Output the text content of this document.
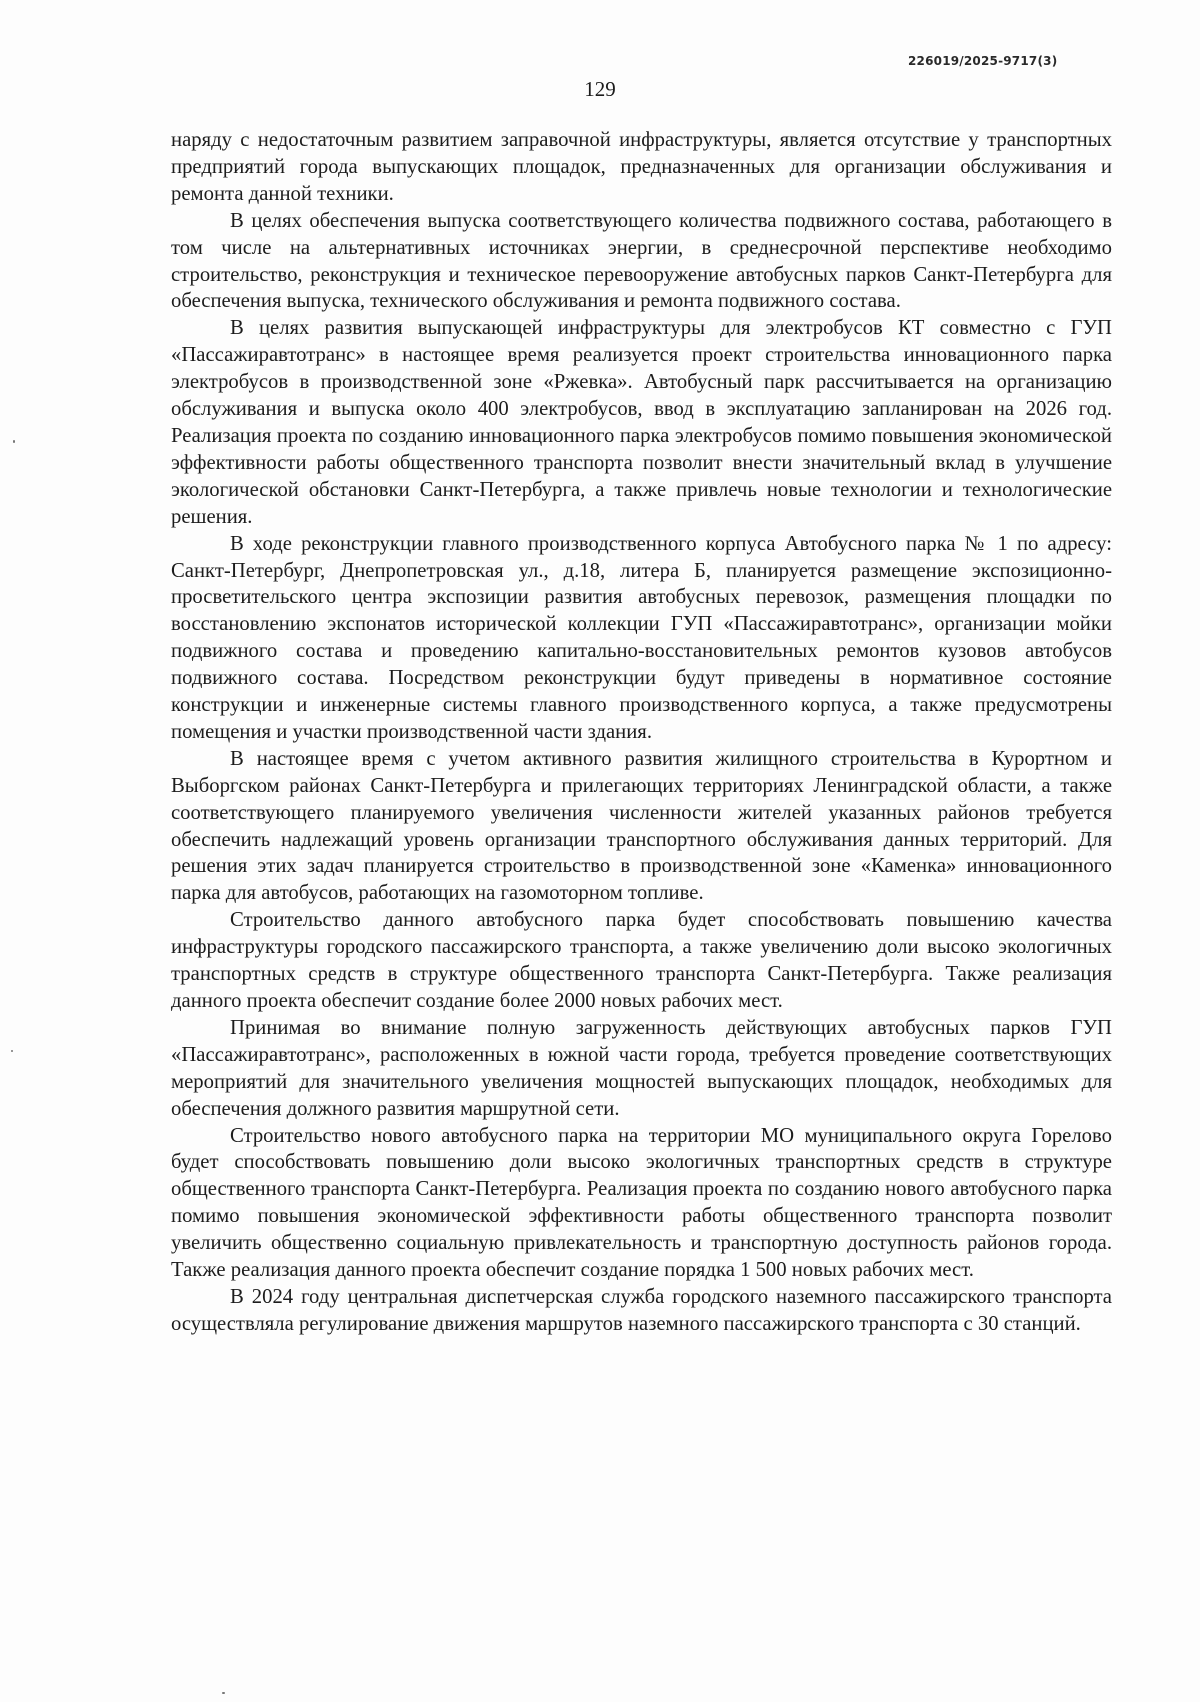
226019/2025-9717(3)
129

наряду с недостаточным развитием заправочной инфраструктуры, является отсутствие у транспортных предприятий города выпускающих площадок, предназначенных для организации обслуживания и ремонта данной техники.

В целях обеспечения выпуска соответствующего количества подвижного состава, работающего в том числе на альтернативных источниках энергии, в среднесрочной перспективе необходимо строительство, реконструкция и техническое перевооружение автобусных парков Санкт-Петербурга для обеспечения выпуска, технического обслуживания и ремонта подвижного состава.

В целях развития выпускающей инфраструктуры для электробусов КТ совместно с ГУП «Пассажиравтотранс» в настоящее время реализуется проект строительства инновационного парка электробусов в производственной зоне «Ржевка». Автобусный парк рассчитывается на организацию обслуживания и выпуска около 400 электробусов, ввод в эксплуатацию запланирован на 2026 год. Реализация проекта по созданию инновационного парка электробусов помимо повышения экономической эффективности работы общественного транспорта позволит внести значительный вклад в улучшение экологической обстановки Санкт-Петербурга, а также привлечь новые технологии и технологические решения.

В ходе реконструкции главного производственного корпуса Автобусного парка № 1 по адресу: Санкт-Петербург, Днепропетровская ул., д.18, литера Б, планируется размещение экспозиционно-просветительского центра экспозиции развития автобусных перевозок, размещения площадки по восстановлению экспонатов исторической коллекции ГУП «Пассажиравтотранс», организации мойки подвижного состава и проведению капитально-восстановительных ремонтов кузовов автобусов подвижного состава. Посредством реконструкции будут приведены в нормативное состояние конструкции и инженерные системы главного производственного корпуса, а также предусмотрены помещения и участки производственной части здания.

В настоящее время с учетом активного развития жилищного строительства в Курортном и Выборгском районах Санкт-Петербурга и прилегающих территориях Ленинградской области, а также соответствующего планируемого увеличения численности жителей указанных районов требуется обеспечить надлежащий уровень организации транспортного обслуживания данных территорий. Для решения этих задач планируется строительство в производственной зоне «Каменка» инновационного парка для автобусов, работающих на газомоторном топливе.

Строительство данного автобусного парка будет способствовать повышению качества инфраструктуры городского пассажирского транспорта, а также увеличению доли высоко экологичных транспортных средств в структуре общественного транспорта Санкт-Петербурга. Также реализация данного проекта обеспечит создание более 2000 новых рабочих мест.

Принимая во внимание полную загруженность действующих автобусных парков ГУП «Пассажиравтотранс», расположенных в южной части города, требуется проведение соответствующих мероприятий для значительного увеличения мощностей выпускающих площадок, необходимых для обеспечения должного развития маршрутной сети.

Строительство нового автобусного парка на территории МО муниципального округа Горелово будет способствовать повышению доли высоко экологичных транспортных средств в структуре общественного транспорта Санкт-Петербурга. Реализация проекта по созданию нового автобусного парка помимо повышения экономической эффективности работы общественного транспорта позволит увеличить общественно социальную привлекательность и транспортную доступность районов города. Также реализация данного проекта обеспечит создание порядка 1 500 новых рабочих мест.

В 2024 году центральная диспетчерская служба городского наземного пассажирского транспорта осуществляла регулирование движения маршрутов наземного пассажирского транспорта с 30 станций.
